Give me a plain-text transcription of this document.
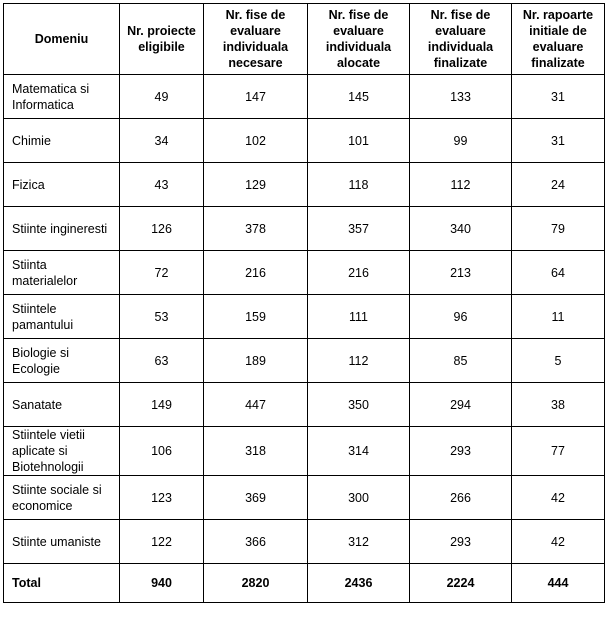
Domeniu	Nr. proiecte eligibile	Nr. fise de evaluare individuala necesare	Nr. fise de evaluare individuala alocate	Nr. fise de evaluare individuala finalizate	Nr. rapoarte initiale de evaluare finalizate
Matematica si Informatica	49	147	145	133	31
Chimie	34	102	101	99	31
Fizica	43	129	118	112	24
Stiinte ingineresti	126	378	357	340	79
Stiinta materialelor	72	216	216	213	64
Stiintele pamantului	53	159	111	96	11
Biologie si Ecologie	63	189	112	85	5
Sanatate	149	447	350	294	38
Stiintele vietii aplicate si Biotehnologii	106	318	314	293	77
Stiinte sociale si economice	123	369	300	266	42
Stiinte umaniste	122	366	312	293	42
Total	940	2820	2436	2224	444
